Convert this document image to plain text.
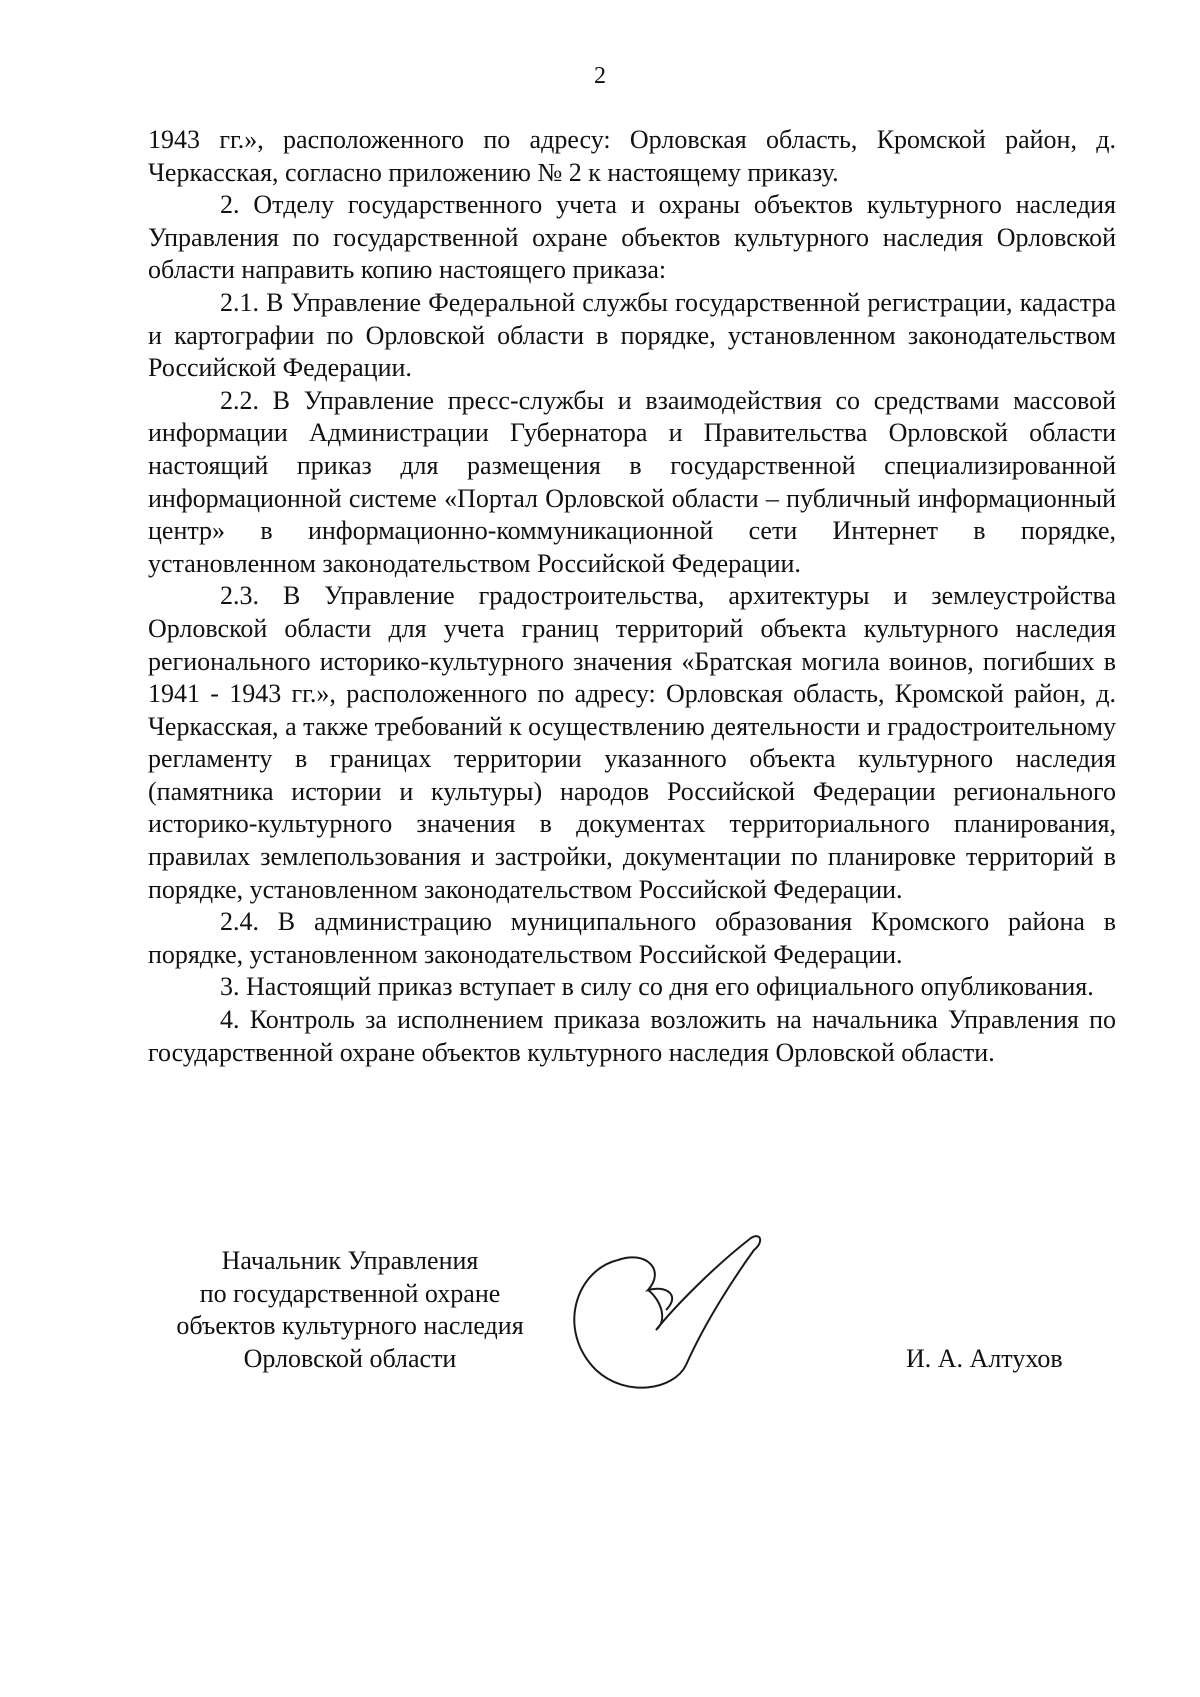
2

1943 гг.», расположенного по адресу: Орловская область, Кромской район, д. Черкасская, согласно приложению № 2 к настоящему приказу.

2. Отделу государственного учета и охраны объектов культурного наследия Управления по государственной охране объектов культурного наследия Орловской области направить копию настоящего приказа:

2.1. В Управление Федеральной службы государственной регистрации, кадастра и картографии по Орловской области в порядке, установленном законодательством Российской Федерации.

2.2. В Управление пресс-службы и взаимодействия со средствами массовой информации Администрации Губернатора и Правительства Орловской области настоящий приказ для размещения в государственной специализированной информационной системе «Портал Орловской области – публичный информационный центр» в информационно-коммуникационной сети Интернет в порядке, установленном законодательством Российской Федерации.

2.3. В Управление градостроительства, архитектуры и землеустройства Орловской области для учета границ территорий объекта культурного наследия регионального историко-культурного значения «Братская могила воинов, погибших в 1941 - 1943 гг.», расположенного по адресу: Орловская область, Кромской район, д. Черкасская, а также требований к осуществлению деятельности и градостроительному регламенту в границах территории указанного объекта культурного наследия (памятника истории и культуры) народов Российской Федерации регионального историко-культурного значения в документах территориального планирования, правилах землепользования и застройки, документации по планировке территорий в порядке, установленном законодательством Российской Федерации.

2.4. В администрацию муниципального образования Кромского района в порядке, установленном законодательством Российской Федерации.

3. Настоящий приказ вступает в силу со дня его официального опубликования.

4. Контроль за исполнением приказа возложить на начальника Управления по государственной охране объектов культурного наследия Орловской области.

Начальник Управления
по государственной охране
объектов культурного наследия
Орловской области	И. А. Алтухов
